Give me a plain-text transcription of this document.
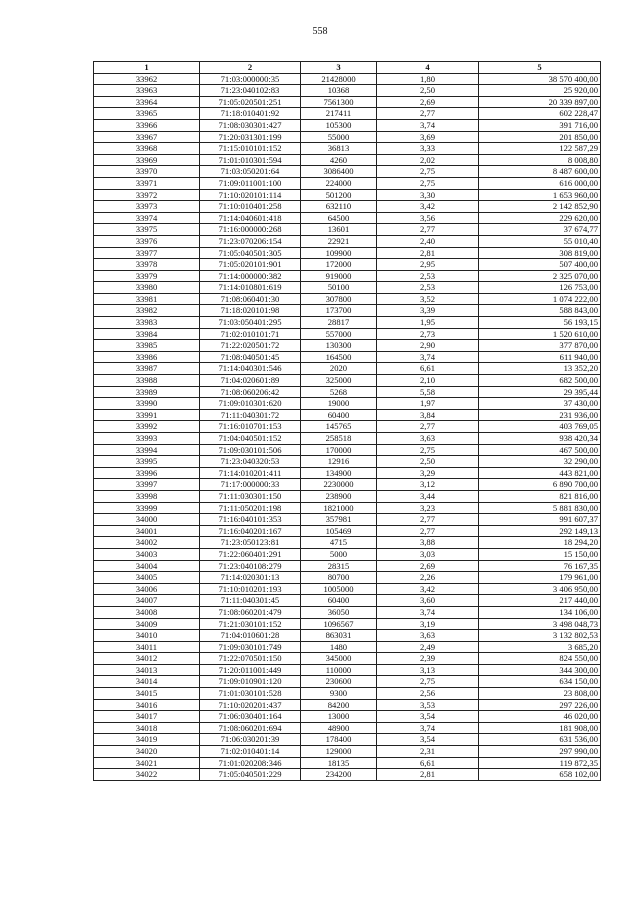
558
1	2	3	4	5
33962	71:03:000000:35	21428000	1,80	38 570 400,00
33963	71:23:040102:83	10368	2,50	25 920,00
33964	71:05:020501:251	7561300	2,69	20 339 897,00
33965	71:18:010401:92	217411	2,77	602 228,47
33966	71:08:030301:427	105300	3,74	391 716,00
33967	71:20:031301:199	55000	3,69	201 850,00
33968	71:15:010101:152	36813	3,33	122 587,29
33969	71:01:010301:594	4260	2,02	8 008,80
33970	71:03:050201:64	3086400	2,75	8 487 600,00
33971	71:09:011001:100	224000	2,75	616 000,00
33972	71:10:020101:114	501200	3,30	1 653 960,00
33973	71:10:010401:258	632110	3,42	2 142 852,90
33974	71:14:040601:418	64500	3,56	229 620,00
33975	71:16:000000:268	13601	2,77	37 674,77
33976	71:23:070206:154	22921	2,40	55 010,40
33977	71:05:040501:305	109900	2,81	308 819,00
33978	71:05:020101:901	172000	2,95	507 400,00
33979	71:14:000000:382	919000	2,53	2 325 070,00
33980	71:14:010801:619	50100	2,53	126 753,00
33981	71:08:060401:30	307800	3,52	1 074 222,00
33982	71:18:020101:98	173700	3,39	588 843,00
33983	71:03:050401:295	28817	1,95	56 193,15
33984	71:02:010101:71	557000	2,73	1 520 610,00
33985	71:22:020501:72	130300	2,90	377 870,00
33986	71:08:040501:45	164500	3,74	611 940,00
33987	71:14:040301:546	2020	6,61	13 352,20
33988	71:04:020601:89	325000	2,10	682 500,00
33989	71:08:060206:42	5268	5,58	29 395,44
33990	71:09:010301:620	19000	1,97	37 430,00
33991	71:11:040301:72	60400	3,84	231 936,00
33992	71:16:010701:153	145765	2,77	403 769,05
33993	71:04:040501:152	258518	3,63	938 420,34
33994	71:09:030101:506	170000	2,75	467 500,00
33995	71:23:040320:53	12916	2,50	32 290,00
33996	71:14:010201:411	134900	3,29	443 821,00
33997	71:17:000000:33	2230000	3,12	6 890 700,00
33998	71:11:030301:150	238900	3,44	821 816,00
33999	71:11:050201:198	1821000	3,23	5 881 830,00
34000	71:16:040101:353	357981	2,77	991 607,37
34001	71:16:040201:167	105469	2,77	292 149,13
34002	71:23:050123:81	4715	3,88	18 294,20
34003	71:22:060401:291	5000	3,03	15 150,00
34004	71:23:040108:279	28315	2,69	76 167,35
34005	71:14:020301:13	80700	2,26	179 961,00
34006	71:10:010201:193	1005000	3,42	3 406 950,00
34007	71:11:040301:45	60400	3,60	217 440,00
34008	71:08:060201:479	36050	3,74	134 106,00
34009	71:21:030101:152	1096567	3,19	3 498 048,73
34010	71:04:010601:28	863031	3,63	3 132 802,53
34011	71:09:030101:749	1480	2,49	3 685,20
34012	71:22:070501:150	345000	2,39	824 550,00
34013	71:20:011001:449	110000	3,13	344 300,00
34014	71:09:010901:120	230600	2,75	634 150,00
34015	71:01:030101:528	9300	2,56	23 808,00
34016	71:10:020201:437	84200	3,53	297 226,00
34017	71:06:030401:164	13000	3,54	46 020,00
34018	71:08:060201:694	48900	3,74	181 908,00
34019	71:06:030201:39	178400	3,54	631 536,00
34020	71:02:010401:14	129000	2,31	297 990,00
34021	71:01:020208:346	18135	6,61	119 872,35
34022	71:05:040501:229	234200	2,81	658 102,00
